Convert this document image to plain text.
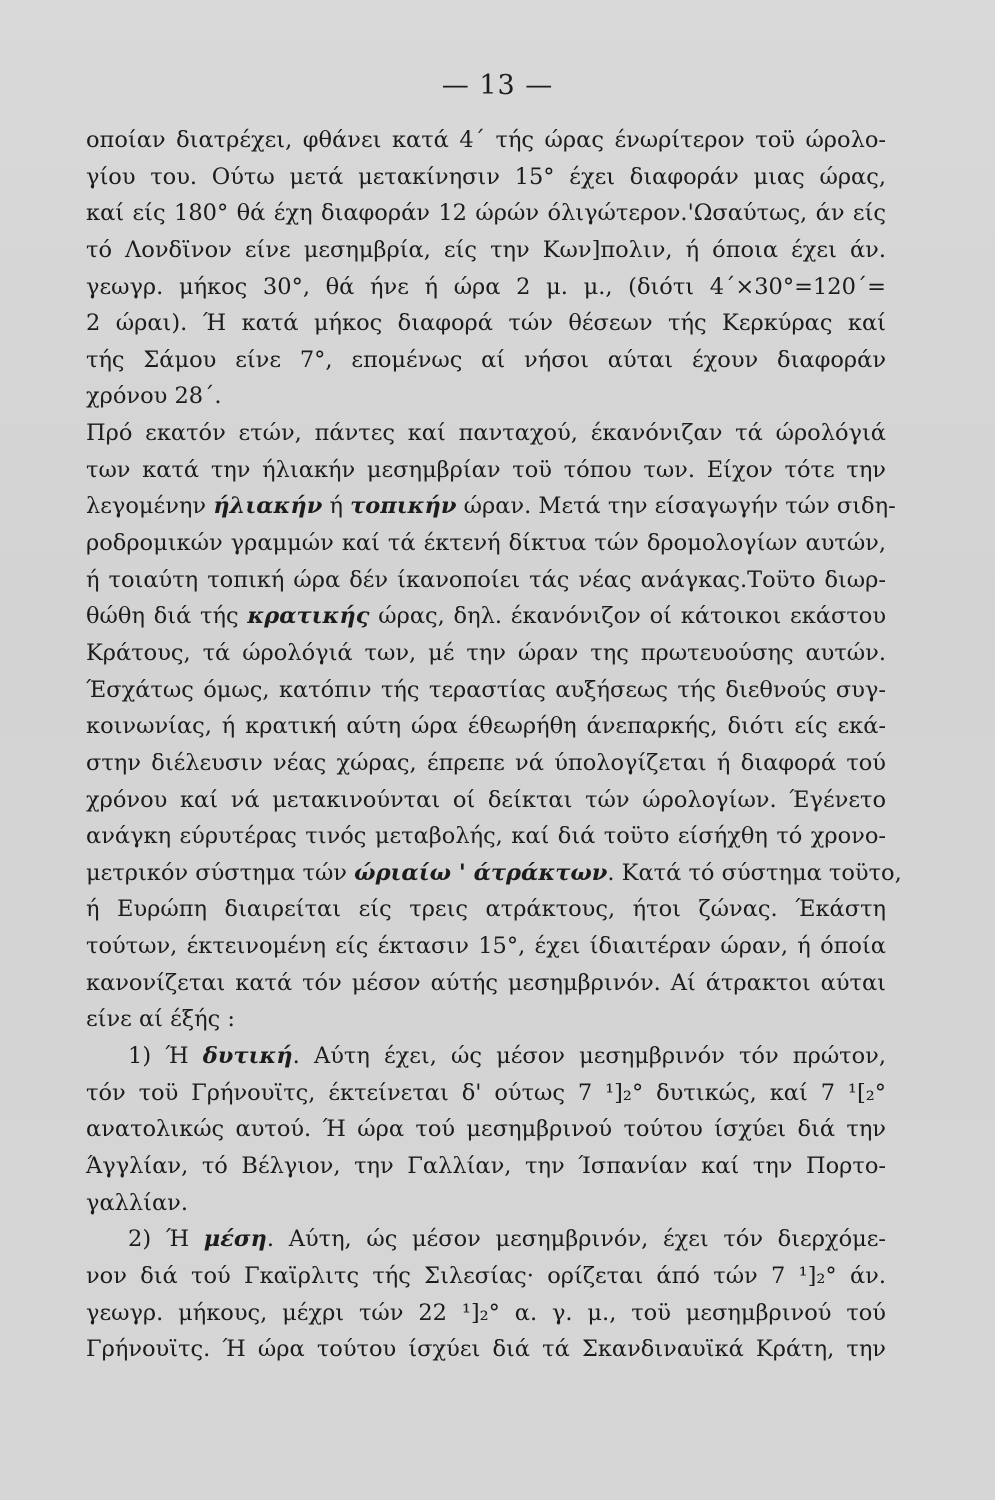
— 13 —
οποίαν διατρέχει, φθάνει κατά 4΄ τής ώρας ένωρίτερον τοϋ ώρολο-
γίου του. Ούτω μετά μετακίνησιν 15° έχει διαφοράν μιας ώρας,
καί είς 180° θά έχη διαφοράν 12 ώρών όλιγώτερον.'Ωσαύτως, άν είς
τό Λονδϊνον είνε μεσημβρία, είς την Κων]πολιν, ή όποια έχει άν.
γεωγρ. μήκος 30°, θά ήνε ή ώρα 2 μ. μ., (διότι 4΄×30°=120΄=
2 ώραι). Ή κατά μήκος διαφορά τών θέσεων τής Κερκύρας καί
τής Σάμου είνε 7°, επομένως αί νήσοι αύται έχουν διαφοράν
χρόνου 28΄.
Πρό εκατόν ετών, πάντες καί πανταχού, έκανόνιζαν τά ώρολόγιά
των κατά την ήλιακήν μεσημβρίαν τοϋ τόπου των. Είχον τότε την
λεγομένην ήλιακήν ή τοπικήν ώραν. Μετά την είσαγωγήν τών σιδη-
ροδρομικών γραμμών καί τά έκτενή δίκτυα τών δρομολογίων αυτών,
ή τοιαύτη τοπική ώρα δέν ίκανοποίει τάς νέας ανάγκας.Τοϋτο διωρ-
θώθη διά τής κρατικής ώρας, δηλ. έκανόνιζον οί κάτοικοι εκάστου
Κράτους, τά ώρολόγιά των, μέ την ώραν της πρωτευούσης αυτών.
Έσχάτως όμως, κατόπιν τής τεραστίας αυξήσεως τής διεθνούς συγ-
κοινωνίας, ή κρατική αύτη ώρα έθεωρήθη άνεπαρκής, διότι είς εκά-
στην διέλευσιν νέας χώρας, έπρεπε νά ύπολογίζεται ή διαφορά τού
χρόνου καί νά μετακινούνται οί δείκται τών ώρολογίων. Έγένετο
ανάγκη εύρυτέρας τινός μεταβολής, καί διά τοϋτο είσήχθη τό χρονο-
μετρικόν σύστημα τών ώριαίω ' άτράκτων. Κατά τό σύστημα τοϋτο,
ή Ευρώπη διαιρείται είς τρεις ατράκτους, ήτοι ζώνας. Έκάστη
τούτων, έκτεινομένη είς έκτασιν 15°, έχει ίδιαιτέραν ώραν, ή όποία
κανονίζεται κατά τόν μέσον αύτής μεσημβρινόν. Αί άτρακτοι αύται
είνε αί έξής :
1) Ή δυτική. Αύτη έχει, ώς μέσον μεσημβρινόν τόν πρώτον,
τόν τοϋ Γρήνουϊτς, έκτείνεται δ' ούτως 7 ¹]₂° δυτικώς, καί 7 ¹[₂°
ανατολικώς αυτού. Ή ώρα τού μεσημβρινού τούτου ίσχύει διά την
Άγγλίαν, τό Βέλγιον, την Γαλλίαν, την Ίσπανίαν καί την Πορτο-
γαλλίαν.
2) Ή μέση. Αύτη, ώς μέσον μεσημβρινόν, έχει τόν διερχόμε-
νον διά τού Γκαϊρλιτς τής Σιλεσίας· ορίζεται άπό τών 7 ¹]₂° άν.
γεωγρ. μήκους, μέχρι τών 22 ¹]₂° α. γ. μ., τοϋ μεσημβρινού τού
Γρήνουϊτς. Ή ώρα τούτου ίσχύει διά τά Σκανδιναυϊκά Κράτη, την
